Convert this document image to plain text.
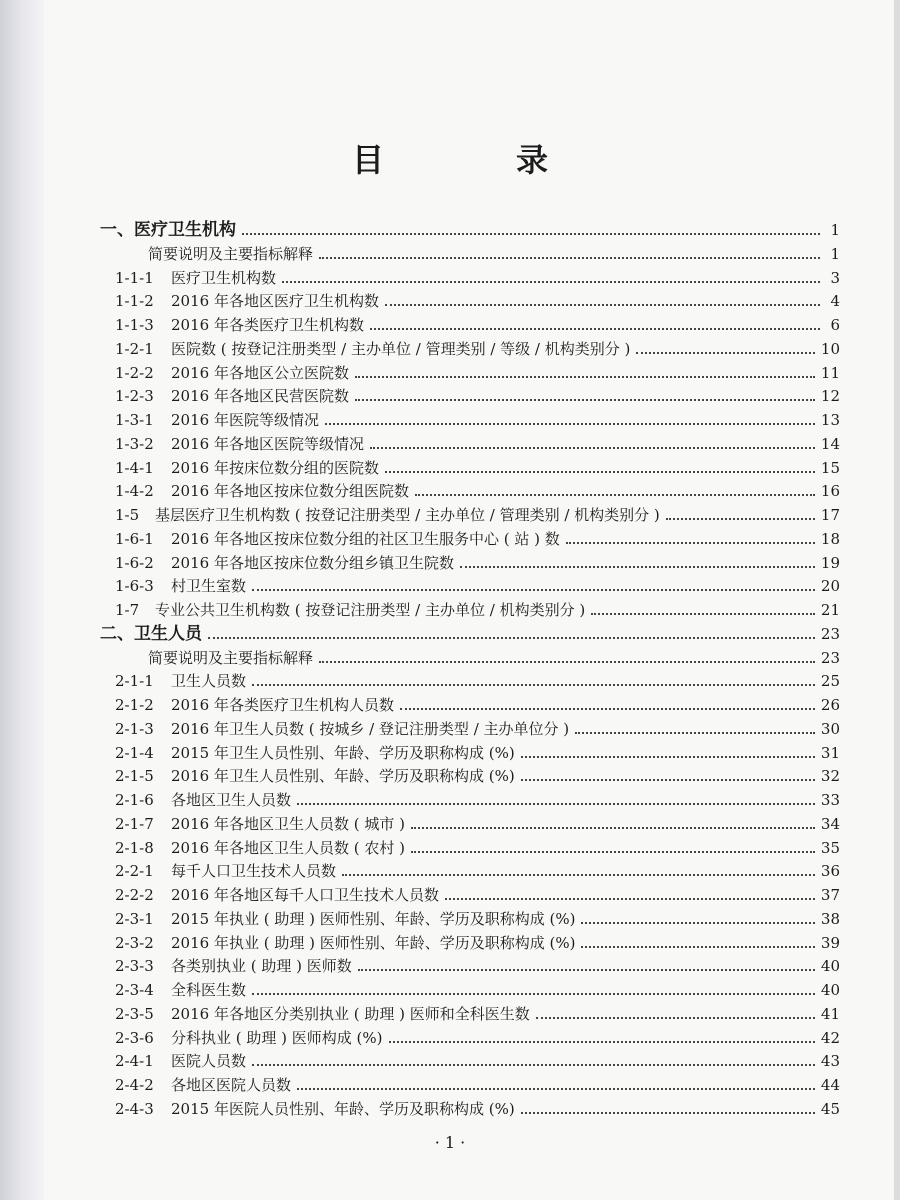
目　录
一、医疗卫生机构	1
简要说明及主要指标解释	1
1-1-1	医疗卫生机构数	3
1-1-2	2016 年各地区医疗卫生机构数	4
1-1-3	2016 年各类医疗卫生机构数	6
1-2-1	医院数 ( 按登记注册类型 / 主办单位 / 管理类别 / 等级 / 机构类别分 )	10
1-2-2	2016 年各地区公立医院数	11
1-2-3	2016 年各地区民营医院数	12
1-3-1	2016 年医院等级情况	13
1-3-2	2016 年各地区医院等级情况	14
1-4-1	2016 年按床位数分组的医院数	15
1-4-2	2016 年各地区按床位数分组医院数	16
1-5	基层医疗卫生机构数 ( 按登记注册类型 / 主办单位 / 管理类别 / 机构类别分 )	17
1-6-1	2016 年各地区按床位数分组的社区卫生服务中心 ( 站 ) 数	18
1-6-2	2016 年各地区按床位数分组乡镇卫生院数	19
1-6-3	村卫生室数	20
1-7	专业公共卫生机构数 ( 按登记注册类型 / 主办单位 / 机构类别分 )	21
二、卫生人员	23
简要说明及主要指标解释	23
2-1-1	卫生人员数	25
2-1-2	2016 年各类医疗卫生机构人员数	26
2-1-3	2016 年卫生人员数 ( 按城乡 / 登记注册类型 / 主办单位分 )	30
2-1-4	2015 年卫生人员性别、年龄、学历及职称构成 (%)	31
2-1-5	2016 年卫生人员性别、年龄、学历及职称构成 (%)	32
2-1-6	各地区卫生人员数	33
2-1-7	2016 年各地区卫生人员数 ( 城市 )	34
2-1-8	2016 年各地区卫生人员数 ( 农村 )	35
2-2-1	每千人口卫生技术人员数	36
2-2-2	2016 年各地区每千人口卫生技术人员数	37
2-3-1	2015 年执业 ( 助理 ) 医师性别、年龄、学历及职称构成 (%)	38
2-3-2	2016 年执业 ( 助理 ) 医师性别、年龄、学历及职称构成 (%)	39
2-3-3	各类别执业 ( 助理 ) 医师数	40
2-3-4	全科医生数	40
2-3-5	2016 年各地区分类别执业 ( 助理 ) 医师和全科医生数	41
2-3-6	分科执业 ( 助理 ) 医师构成 (%)	42
2-4-1	医院人员数	43
2-4-2	各地区医院人员数	44
2-4-3	2015 年医院人员性别、年龄、学历及职称构成 (%)	45
· 1 ·
